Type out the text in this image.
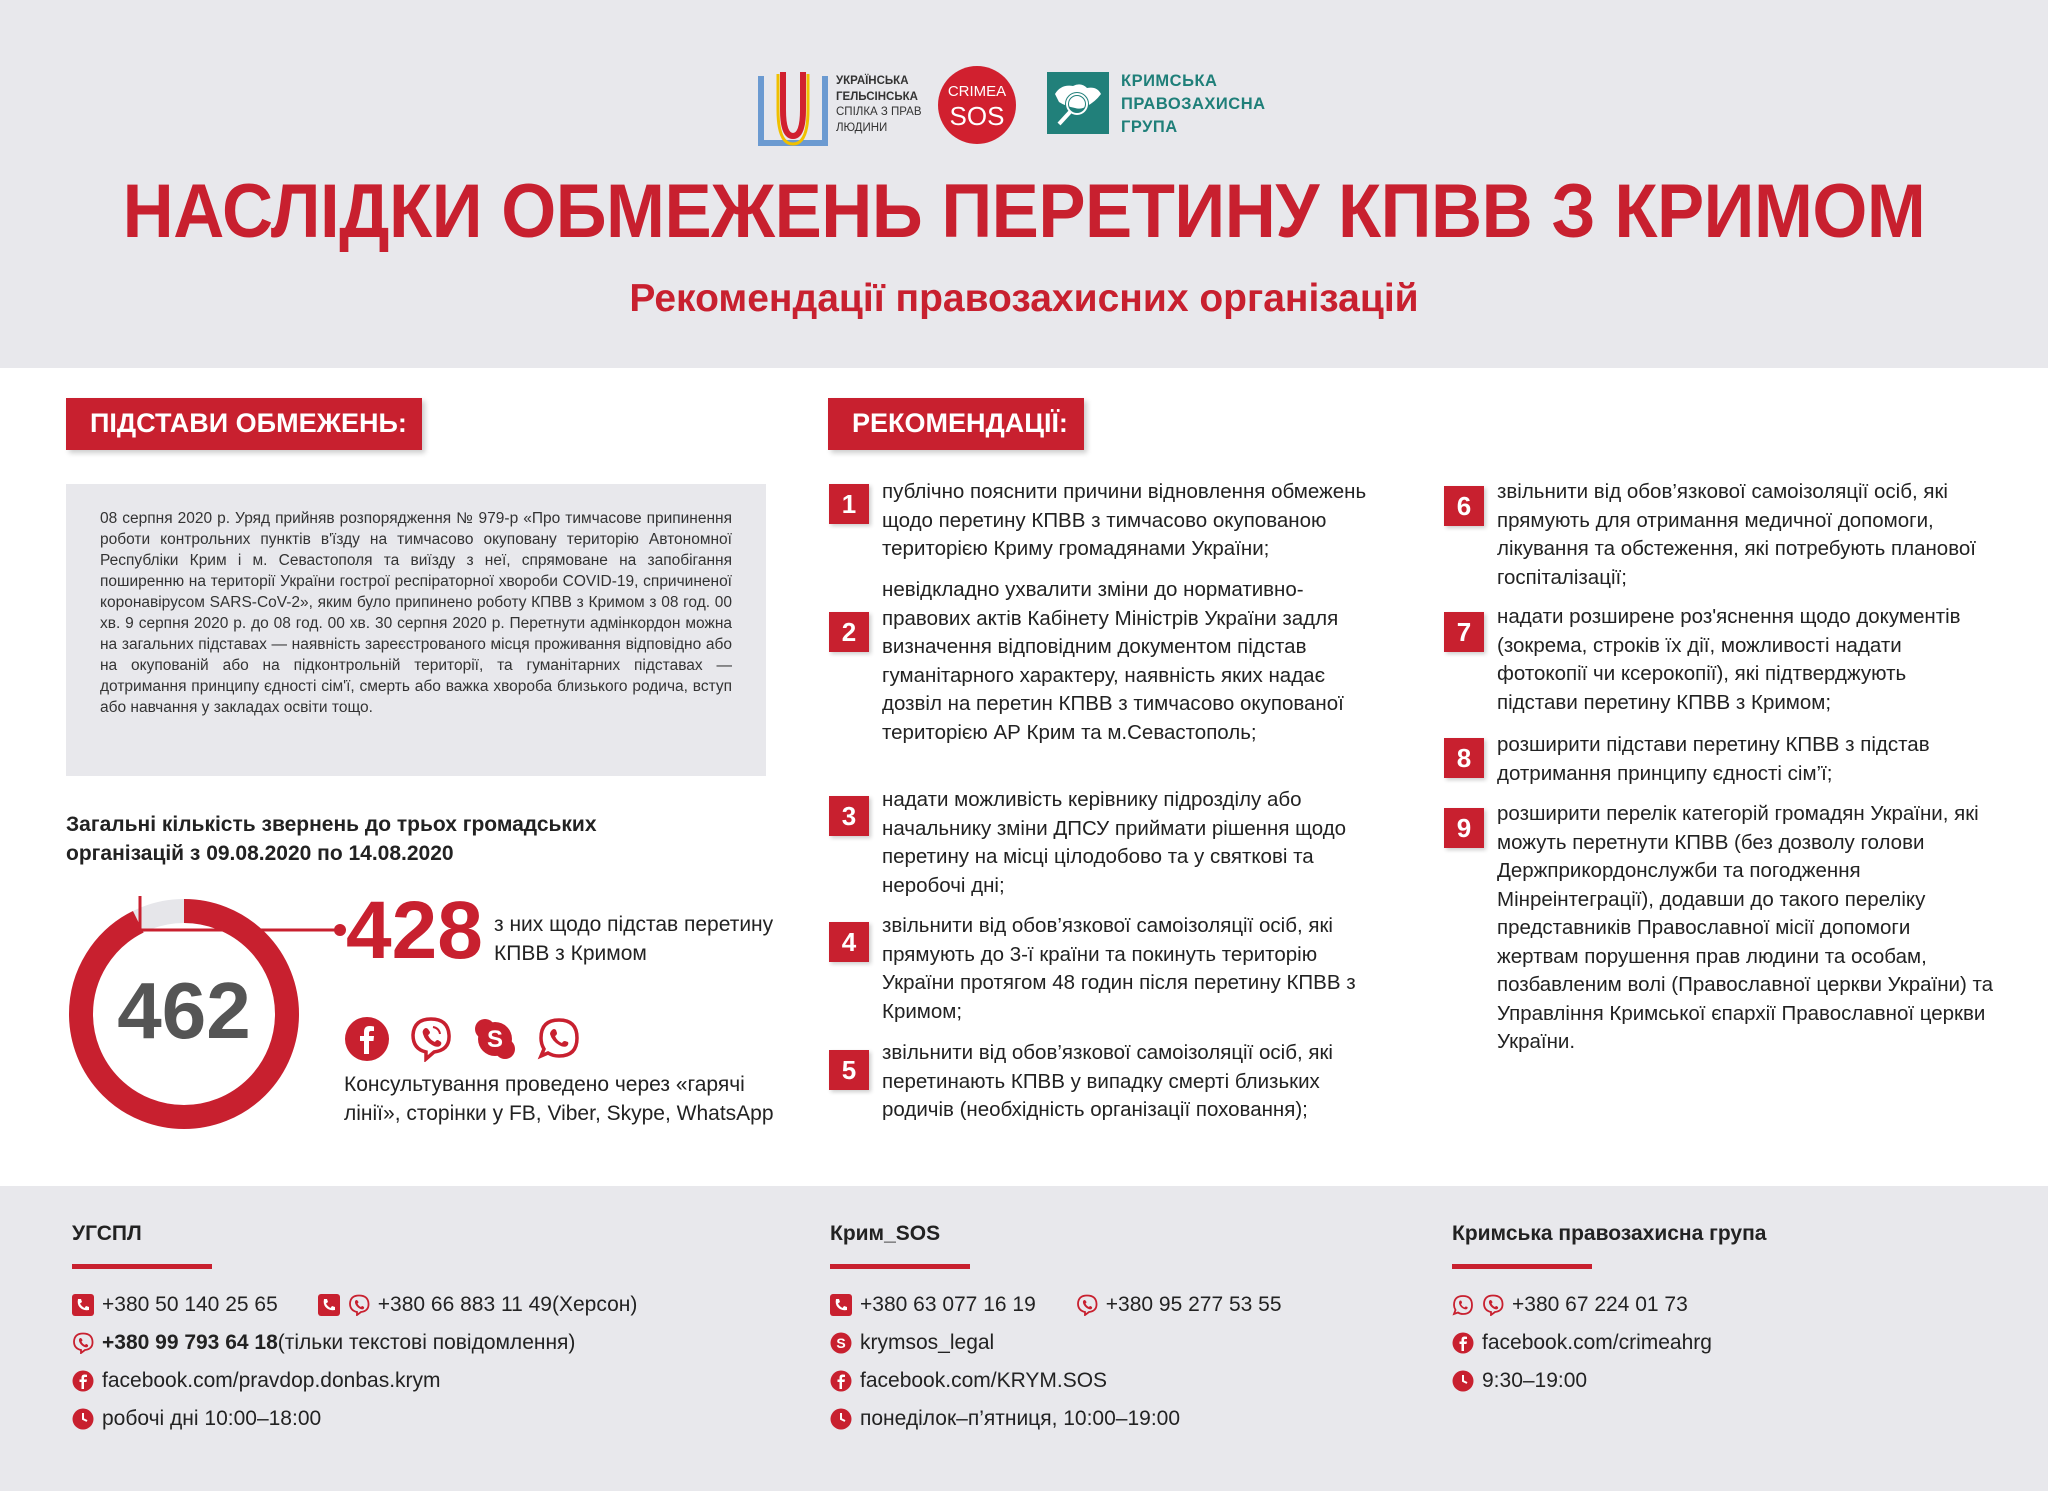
УКРАЇНСЬКА
ГЕЛЬСІНСЬКА
СПІЛКА З ПРАВ
ЛЮДИНИ
CRIMEA
SOS
КРИМСЬКА
ПРАВОЗАХИСНА
ГРУПА
НАСЛІДКИ ОБМЕЖЕНЬ ПЕРЕТИНУ КПВВ З КРИМОМ
Рекомендації правозахисних організацій
ПІДСТАВИ ОБМЕЖЕНЬ:
08 серпня 2020 р. Уряд прийняв розпорядження № 979-р «Про тимчасове припинення роботи контрольних пунктів в'їзду на тимчасово окуповану територію Автономної Республіки Крим і м. Севастополя та виїзду з неї, спрямоване на запобігання поширенню на території України гострої респіраторної хвороби COVID-19, спричиненої коронавірусом SARS-CoV-2», яким було припинено роботу КПВВ з Кримом з 08 год. 00 хв. 9 серпня 2020 р. до 08 год. 00 хв. 30 серпня 2020 р. Перетнути адмінкордон можна на загальних підставах — наявність зареєстрованого місця проживання відповідно або на окупованій або на підконтрольній території, та гуманітарних підставах — дотримання принципу єдності сім'ї, смерть або важка хвороба близького родича, вступ або навчання у закладах освіти тощо.
Загальні кількість звернень до трьох громадських організацій з 09.08.2020 по 14.08.2020
462
428 з них щодо підстав перетину КПВВ з Кримом
S
Консультування проведено через «гарячі лінії», сторінки у FB, Viber, Skype, WhatsApp
РЕКОМЕНДАЦІЇ:
1	публічно пояснити причини відновлення обмежень щодо перетину КПВВ з тимчасово окупованою територією Криму громадянами України;
2
невідкладно ухвалити зміни до нормативно-правових актів Кабінету Міністрів України задля визначення відповідним документом підстав гуманітарного характеру, наявність яких надає дозвіл на перетин КПВВ з тимчасово окупованої територією АР Крим та м.Севастополь;
3
надати можливість керівнику підрозділу або начальнику зміни ДПСУ приймати рішення щодо перетину на місці цілодобово та у святкові та неробочі дні;
4
звільнити від обов’язкової самоізоляції осіб, які прямують до 3-ї країни та покинуть територію України протягом 48 годин після перетину КПВВ з Кримом;
5
звільнити від обов’язкової самоізоляції осіб, які перетинають КПВВ у випадку смерті близьких родичів (необхідність організації поховання);
6	звільнити від обов’язкової самоізоляції осіб, які прямують для отримання медичної допомоги, лікування та обстеження, які потребують планової госпіталізації;
7
надати розширене роз'яснення щодо документів (зокрема, строків їх дії, можливості надати фотокопії чи ксерокопії), які підтверджують підстави перетину КПВВ з Кримом;
8	розширити підстави перетину КПВВ з підстав дотримання принципу єдності сім’ї;
9	розширити перелік категорій громадян України, які можуть перетнути КПВВ (без дозволу голови Держприкордонслужби та погодження Мінреінтеграції), додавши до такого переліку представників Православної місії допомоги жертвам порушення прав людини та особам, позбавленим волі (Православної церкви України) та Управління Кримської єпархії Православної церкви України.
УГСПЛ
+380 50 140 25 65	+380 66 883 11 49 (Херсон)
+380 99 793 64 18 (тільки текстові повідомлення)
facebook.com/pravdop.donbas.krym
робочі дні 10:00–18:00
Крим_SOS
+380 63 077 16 19	+380 95 277 53 55
S krymsos_legal
facebook.com/KRYM.SOS
понеділок–п’ятниця, 10:00–19:00
Кримська правозахисна група
+380 67 224 01 73
facebook.com/crimeahrg
9:30–19:00
